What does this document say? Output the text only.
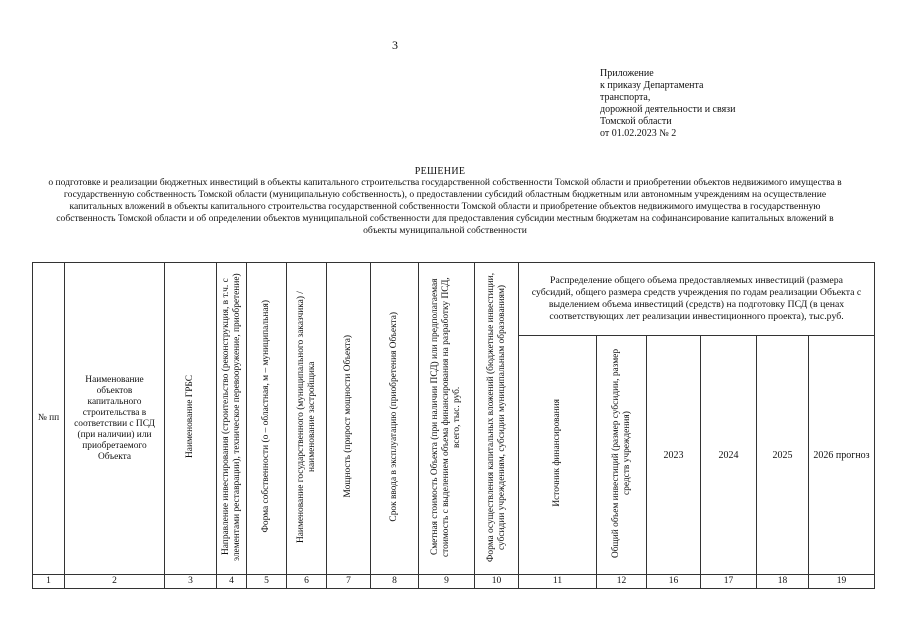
3
Приложение
к приказу Департамента
транспорта,
дорожной деятельности и связи
Томской области
от 01.02.2023 № 2
РЕШЕНИЕ
о подготовке и реализации бюджетных инвестиций в объекты капитального строительства государственной собственности Томской области и приобретении объектов недвижимого имущества в государственную собственность Томской области (муниципальную собственность), о предоставлении субсидий областным бюджетным или автономным учреждениям на осуществление капитальных вложений в объекты капитального строительства государственной собственности Томской области и приобретение объектов недвижимого имущества в государственную собственность Томской области и об определении объектов муниципальной собственности для предоставления субсидии местным бюджетам на софинансирование капитальных вложений в объекты муниципальной собственности
№ пп	Наименование объектов капитального строительства в соответствии с ПСД (при наличии) или приобретаемого Объекта	Наименование ГРБС	Направление инвестирования (строительство (реконструкция, в т.ч. с элементами реставрации), техническое перевооружение, приобретение)	Форма собственности (о – областная, м – муниципальная)	Наименование государственного (муниципального заказчика) / наименование застройщика	Мощность (прирост мощности Объекта)	Срок ввода в эксплуатацию (приобретения Объекта)	Сметная стоимость Объекта (при наличии ПСД) или предполагаемая стоимость с выделением объема финансирования на разработку ПСД, всего, тыс. руб.	Форма осуществления капитальных вложений (бюджетные инвестиции, субсидии учреждениям, субсидии муниципальным образованиям)	Распределение общего объема предоставляемых инвестиций (размера субсидий, общего размера средств учреждения по годам реализации Объекта с выделением объема инвестиций (средств) на подготовку ПСД (в ценах соответствующих лет реализации инвестиционного проекта), тыс.руб.					
										Источник финансирования	Общий объем инвестиций (размер субсидии, размер средств учреждения)	2023	2024	2025	2026 прогноз
1	2	3	4	5	6	7	8	9	10	11	12	16	17	18	19
